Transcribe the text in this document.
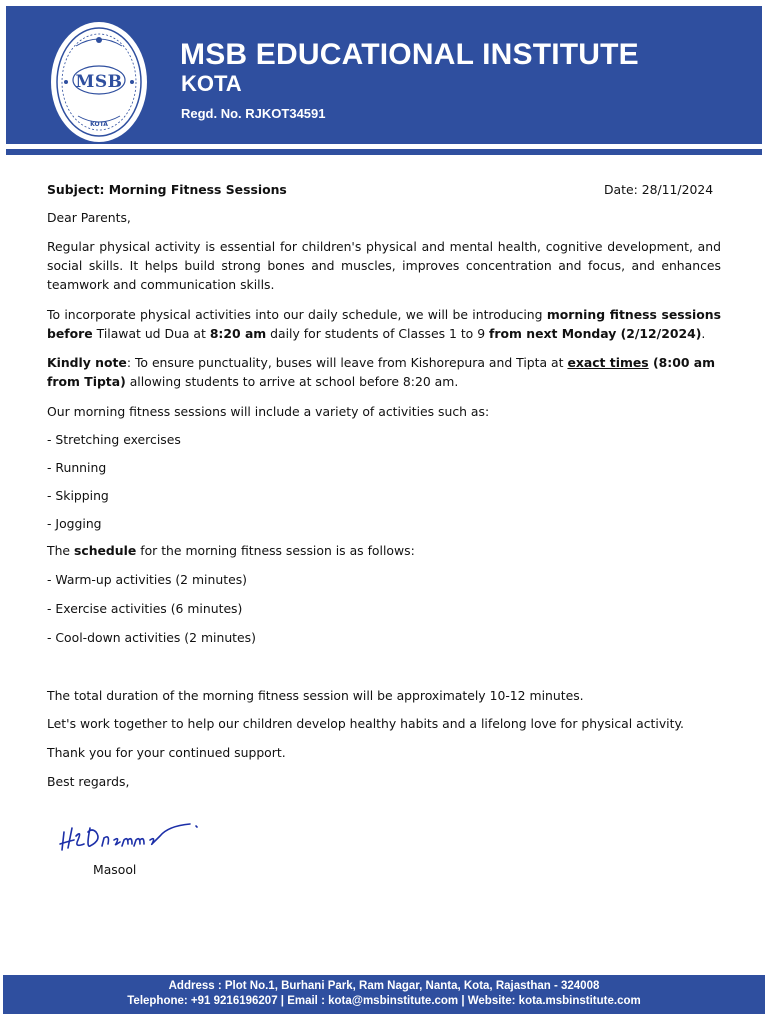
MSB
KOTA
MSB EDUCATIONAL INSTITUTE
KOTA
Regd. No. RJKOT34591
Subject: Morning Fitness Sessions	Date: 28/11/2024
Dear Parents,
Regular physical activity is essential for children's physical and mental health, cognitive development, and social skills. It helps build strong bones and muscles, improves concentration and focus, and enhances teamwork and communication skills.
To incorporate physical activities into our daily schedule, we will be introducing morning fitness sessions before Tilawat ud Dua at 8:20 am daily for students of Classes 1 to 9 from next Monday (2/12/2024).
Kindly note: To ensure punctuality, buses will leave from Kishorepura and Tipta at exact times (8:00 am from Tipta) allowing students to arrive at school before 8:20 am.
Our morning fitness sessions will include a variety of activities such as:
- Stretching exercises
- Running
- Skipping
- Jogging
The schedule for the morning fitness session is as follows:
- Warm-up activities (2 minutes)
- Exercise activities (6 minutes)
- Cool-down activities (2 minutes)
The total duration of the morning fitness session will be approximately 10-12 minutes.
Let's work together to help our children develop healthy habits and a lifelong love for physical activity.
Thank you for your continued support.
Best regards,
Masool
Address : Plot No.1, Burhani Park, Ram Nagar, Nanta, Kota, Rajasthan - 324008
Telephone: +91 9216196207 | Email : kota@msbinstitute.com | Website: kota.msbinstitute.com
